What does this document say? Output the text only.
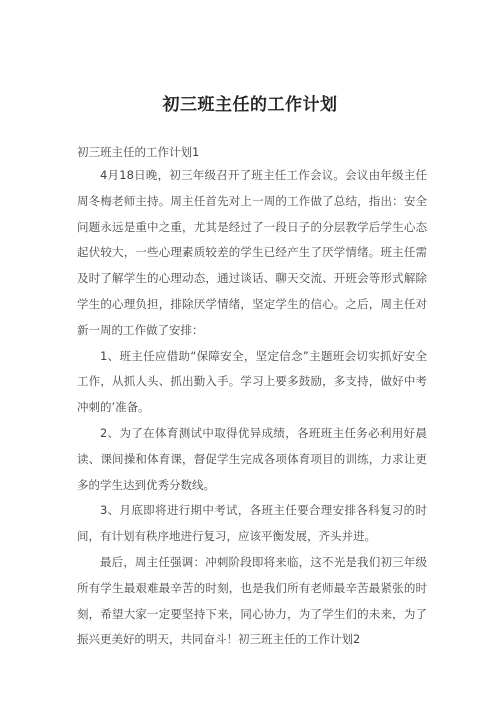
初三班主任的工作计划
初三班主任的工作计划1

4月18日晚，初三年级召开了班主任工作会议。会议由年级主任周冬梅老师主持。周主任首先对上一周的工作做了总结，指出：安全问题永远是重中之重，尤其是经过了一段日子的分层教学后学生心态起伏较大，一些心理素质较差的学生已经产生了厌学情绪。班主任需及时了解学生的心理动态，通过谈话、聊天交流、开班会等形式解除学生的心理负担，排除厌学情绪，坚定学生的信心。之后，周主任对新一周的工作做了安排：

1、班主任应借助“保障安全，坚定信念”主题班会切实抓好安全工作，从抓人头、抓出勤入手。学习上要多鼓励，多支持，做好中考冲刺的’准备。

2、为了在体育测试中取得优异成绩，各班班主任务必利用好晨读、课间操和体育课，督促学生完成各项体育项目的训练，力求让更多的学生达到优秀分数线。

3、月底即将进行期中考试，各班主任要合理安排各科复习的时间，有计划有秩序地进行复习，应该平衡发展，齐头并进。

最后，周主任强调：冲刺阶段即将来临，这不光是我们初三年级所有学生最艰难最辛苦的时刻，也是我们所有老师最辛苦最紧张的时刻，希望大家一定要坚持下来，同心协力，为了学生们的未来，为了振兴更美好的明天，共同奋斗！初三班主任的工作计划2
